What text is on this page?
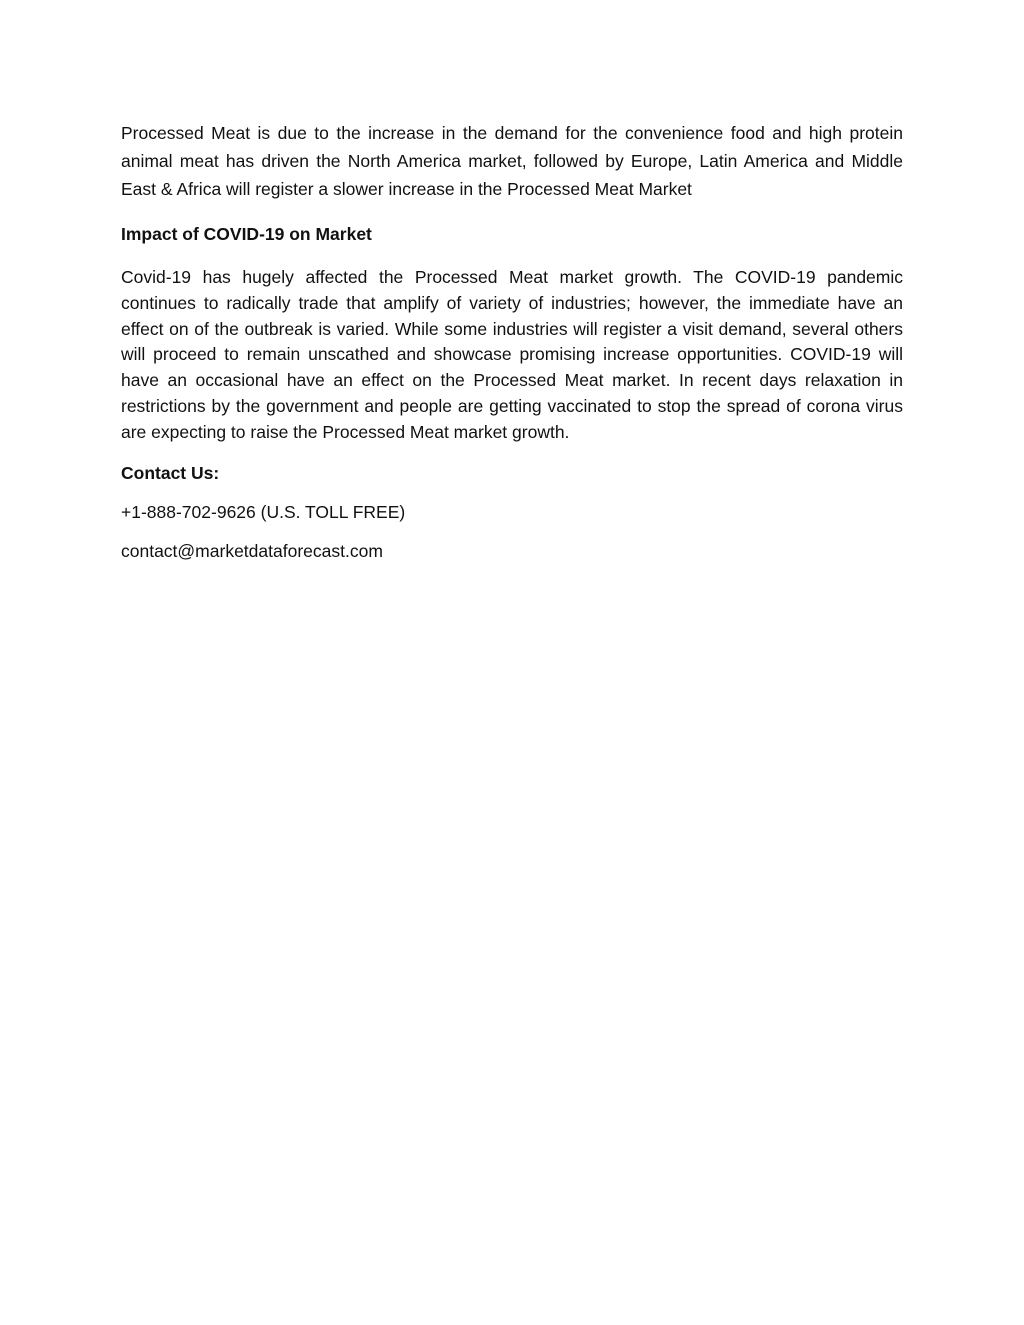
Processed Meat is due to the increase in the demand for the convenience food and high protein animal meat has driven the North America market, followed by Europe, Latin America and Middle East & Africa will register a slower increase in the Processed Meat Market

Impact of COVID-19 on Market

Covid-19 has hugely affected the Processed Meat market growth. The COVID-19 pandemic continues to radically trade that amplify of variety of industries; however, the immediate have an effect on of the outbreak is varied. While some industries will register a visit demand, several others will proceed to remain unscathed and showcase promising increase opportunities. COVID-19 will have an occasional have an effect on the Processed Meat market. In recent days relaxation in restrictions by the government and people are getting vaccinated to stop the spread of corona virus are expecting to raise the Processed Meat market growth.

Contact Us:

+1-888-702-9626 (U.S. TOLL FREE)

contact@marketdataforecast.com
